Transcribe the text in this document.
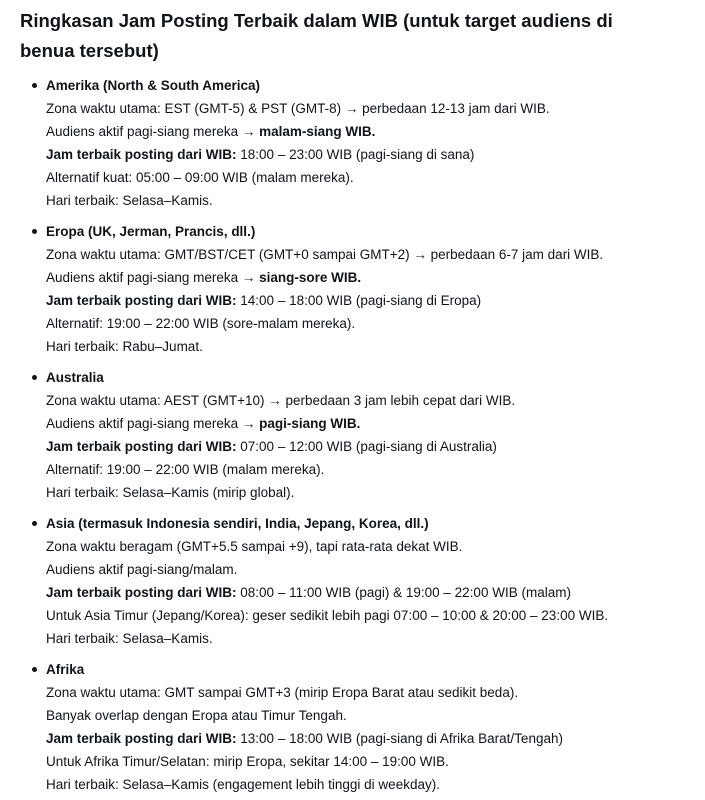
Ringkasan Jam Posting Terbaik dalam WIB (untuk target audiens di benua tersebut)
Amerika (North & South America)
Zona waktu utama: EST (GMT-5) & PST (GMT-8) → perbedaan 12-13 jam dari WIB.
Audiens aktif pagi-siang mereka → malam-siang WIB.
Jam terbaik posting dari WIB: 18:00 – 23:00 WIB (pagi-siang di sana)
Alternatif kuat: 05:00 – 09:00 WIB (malam mereka).
Hari terbaik: Selasa–Kamis.
Eropa (UK, Jerman, Prancis, dll.)
Zona waktu utama: GMT/BST/CET (GMT+0 sampai GMT+2) → perbedaan 6-7 jam dari WIB.
Audiens aktif pagi-siang mereka → siang-sore WIB.
Jam terbaik posting dari WIB: 14:00 – 18:00 WIB (pagi-siang di Eropa)
Alternatif: 19:00 – 22:00 WIB (sore-malam mereka).
Hari terbaik: Rabu–Jumat.
Australia
Zona waktu utama: AEST (GMT+10) → perbedaan 3 jam lebih cepat dari WIB.
Audiens aktif pagi-siang mereka → pagi-siang WIB.
Jam terbaik posting dari WIB: 07:00 – 12:00 WIB (pagi-siang di Australia)
Alternatif: 19:00 – 22:00 WIB (malam mereka).
Hari terbaik: Selasa–Kamis (mirip global).
Asia (termasuk Indonesia sendiri, India, Jepang, Korea, dll.)
Zona waktu beragam (GMT+5.5 sampai +9), tapi rata-rata dekat WIB.
Audiens aktif pagi-siang/malam.
Jam terbaik posting dari WIB: 08:00 – 11:00 WIB (pagi) & 19:00 – 22:00 WIB (malam)
Untuk Asia Timur (Jepang/Korea): geser sedikit lebih pagi 07:00 – 10:00 & 20:00 – 23:00 WIB.
Hari terbaik: Selasa–Kamis.
Afrika
Zona waktu utama: GMT sampai GMT+3 (mirip Eropa Barat atau sedikit beda).
Banyak overlap dengan Eropa atau Timur Tengah.
Jam terbaik posting dari WIB: 13:00 – 18:00 WIB (pagi-siang di Afrika Barat/Tengah)
Untuk Afrika Timur/Selatan: mirip Eropa, sekitar 14:00 – 19:00 WIB.
Hari terbaik: Selasa–Kamis (engagement lebih tinggi di weekday).
